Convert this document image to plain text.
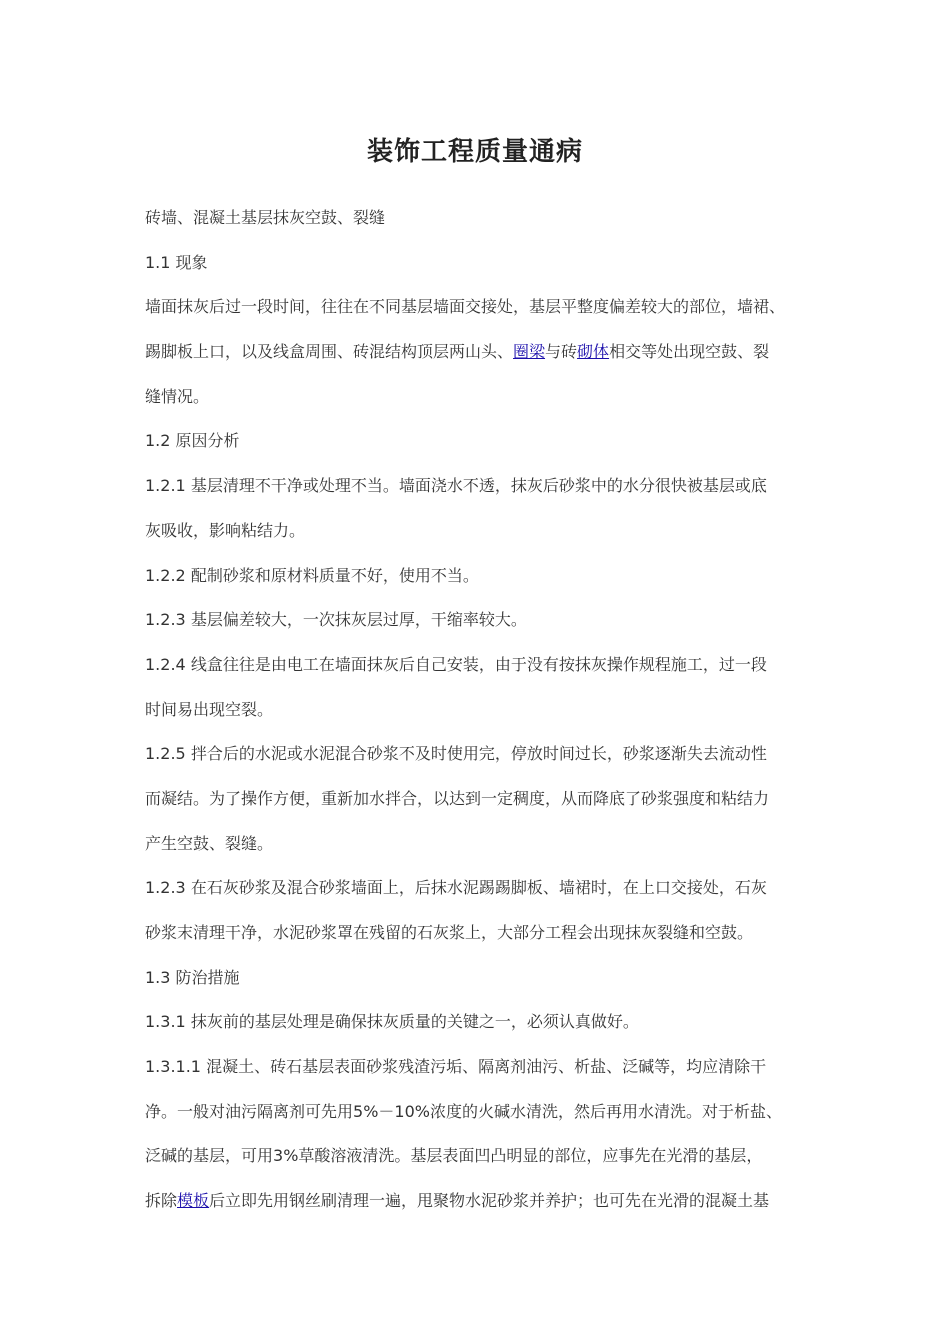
装饰工程质量通病
砖墙、混凝土基层抹灰空鼓、裂缝
1.1 现象
墙面抹灰后过一段时间，往往在不同基层墙面交接处，基层平整度偏差较大的部位，墙裙、
踢脚板上口，以及线盒周围、砖混结构顶层两山头、圈梁与砖砌体相交等处出现空鼓、裂
缝情况。
1.2 原因分析
1.2.1 基层清理不干净或处理不当。墙面浇水不透，抹灰后砂浆中的水分很快被基层或底
灰吸收，影响粘结力。
1.2.2 配制砂浆和原材料质量不好，使用不当。
1.2.3 基层偏差较大，一次抹灰层过厚，干缩率较大。
1.2.4 线盒往往是由电工在墙面抹灰后自己安装，由于没有按抹灰操作规程施工，过一段
时间易出现空裂。
1.2.5 拌合后的水泥或水泥混合砂浆不及时使用完，停放时间过长，砂浆逐渐失去流动性
而凝结。为了操作方便，重新加水拌合，以达到一定稠度，从而降底了砂浆强度和粘结力
产生空鼓、裂缝。
1.2.3 在石灰砂浆及混合砂浆墙面上，后抹水泥踢踢脚板、墙裙时，在上口交接处，石灰
砂浆末清理干净，水泥砂浆罩在残留的石灰浆上，大部分工程会出现抹灰裂缝和空鼓。
1.3 防治措施
1.3.1 抹灰前的基层处理是确保抹灰质量的关键之一，必须认真做好。
1.3.1.1 混凝土、砖石基层表面砂浆残渣污垢、隔离剂油污、析盐、泛碱等，均应清除干
净。一般对油污隔离剂可先用5%－10%浓度的火碱水清洗，然后再用水清洗。对于析盐、
泛碱的基层，可用3%草酸溶液清洗。基层表面凹凸明显的部位，应事先在光滑的基层，
拆除模板后立即先用钢丝刷清理一遍，甩聚物水泥砂浆并养护；也可先在光滑的混凝土基
